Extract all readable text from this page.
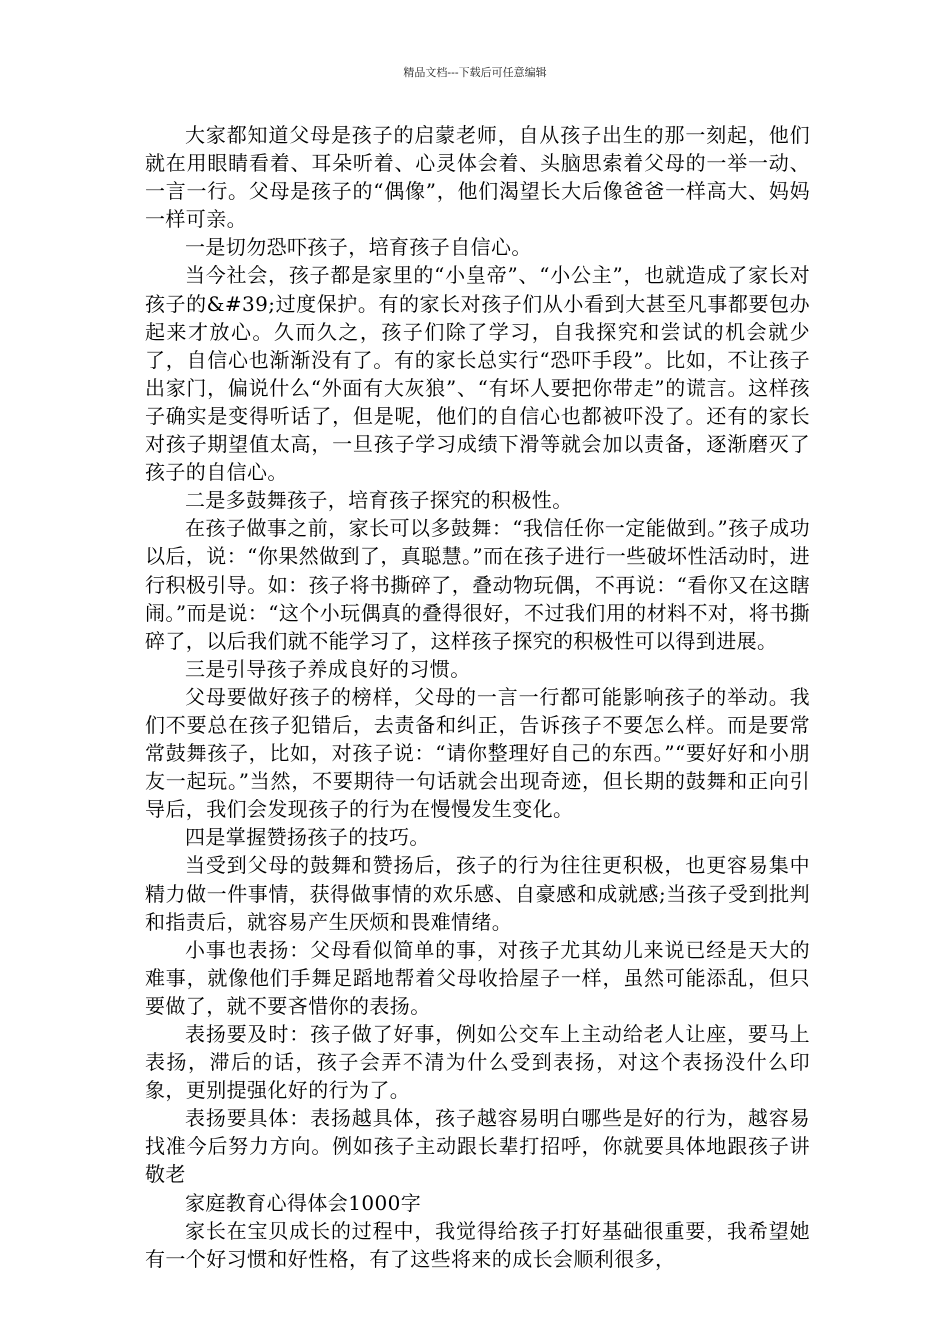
精品文档---下载后可任意编辑

大家都知道父母是孩子的启蒙老师，自从孩子出生的那一刻起，他们就在用眼睛看着、耳朵听着、心灵体会着、头脑思索着父母的一举一动、一言一行。父母是孩子的“偶像”，他们渴望长大后像爸爸一样高大、妈妈一样可亲。

一是切勿恐吓孩子，培育孩子自信心。

当今社会，孩子都是家里的“小皇帝”、“小公主”，也就造成了家长对孩子的&#39;过度保护。有的家长对孩子们从小看到大甚至凡事都要包办起来才放心。久而久之，孩子们除了学习，自我探究和尝试的机会就少了，自信心也渐渐没有了。有的家长总实行“恐吓手段”。比如，不让孩子出家门，偏说什么“外面有大灰狼”、“有坏人要把你带走”的谎言。这样孩子确实是变得听话了，但是呢，他们的自信心也都被吓没了。还有的家长对孩子期望值太高，一旦孩子学习成绩下滑等就会加以责备，逐渐磨灭了孩子的自信心。

二是多鼓舞孩子，培育孩子探究的积极性。

在孩子做事之前，家长可以多鼓舞：“我信任你一定能做到。”孩子成功以后，说：“你果然做到了，真聪慧。”而在孩子进行一些破坏性活动时，进行积极引导。如：孩子将书撕碎了，叠动物玩偶，不再说：“看你又在这瞎闹。”而是说：“这个小玩偶真的叠得很好，不过我们用的材料不对，将书撕碎了，以后我们就不能学习了，这样孩子探究的积极性可以得到进展。

三是引导孩子养成良好的习惯。

父母要做好孩子的榜样，父母的一言一行都可能影响孩子的举动。我们不要总在孩子犯错后，去责备和纠正，告诉孩子不要怎么样。而是要常常鼓舞孩子，比如，对孩子说：“请你整理好自己的东西。”“要好好和小朋友一起玩。”当然，不要期待一句话就会出现奇迹，但长期的鼓舞和正向引导后，我们会发现孩子的行为在慢慢发生变化。

四是掌握赞扬孩子的技巧。

当受到父母的鼓舞和赞扬后，孩子的行为往往更积极，也更容易集中精力做一件事情，获得做事情的欢乐感、自豪感和成就感;当孩子受到批判和指责后，就容易产生厌烦和畏难情绪。

小事也表扬：父母看似简单的事，对孩子尤其幼儿来说已经是天大的难事，就像他们手舞足蹈地帮着父母收拾屋子一样，虽然可能添乱，但只要做了，就不要吝惜你的表扬。

表扬要及时：孩子做了好事，例如公交车上主动给老人让座，要马上表扬，滞后的话，孩子会弄不清为什么受到表扬，对这个表扬没什么印象，更别提强化好的行为了。

表扬要具体：表扬越具体，孩子越容易明白哪些是好的行为，越容易找准今后努力方向。例如孩子主动跟长辈打招呼，你就要具体地跟孩子讲敬老

家庭教育心得体会1000字

家长在宝贝成长的过程中，我觉得给孩子打好基础很重要，我希望她有一个好习惯和好性格，有了这些将来的成长会顺利很多，
